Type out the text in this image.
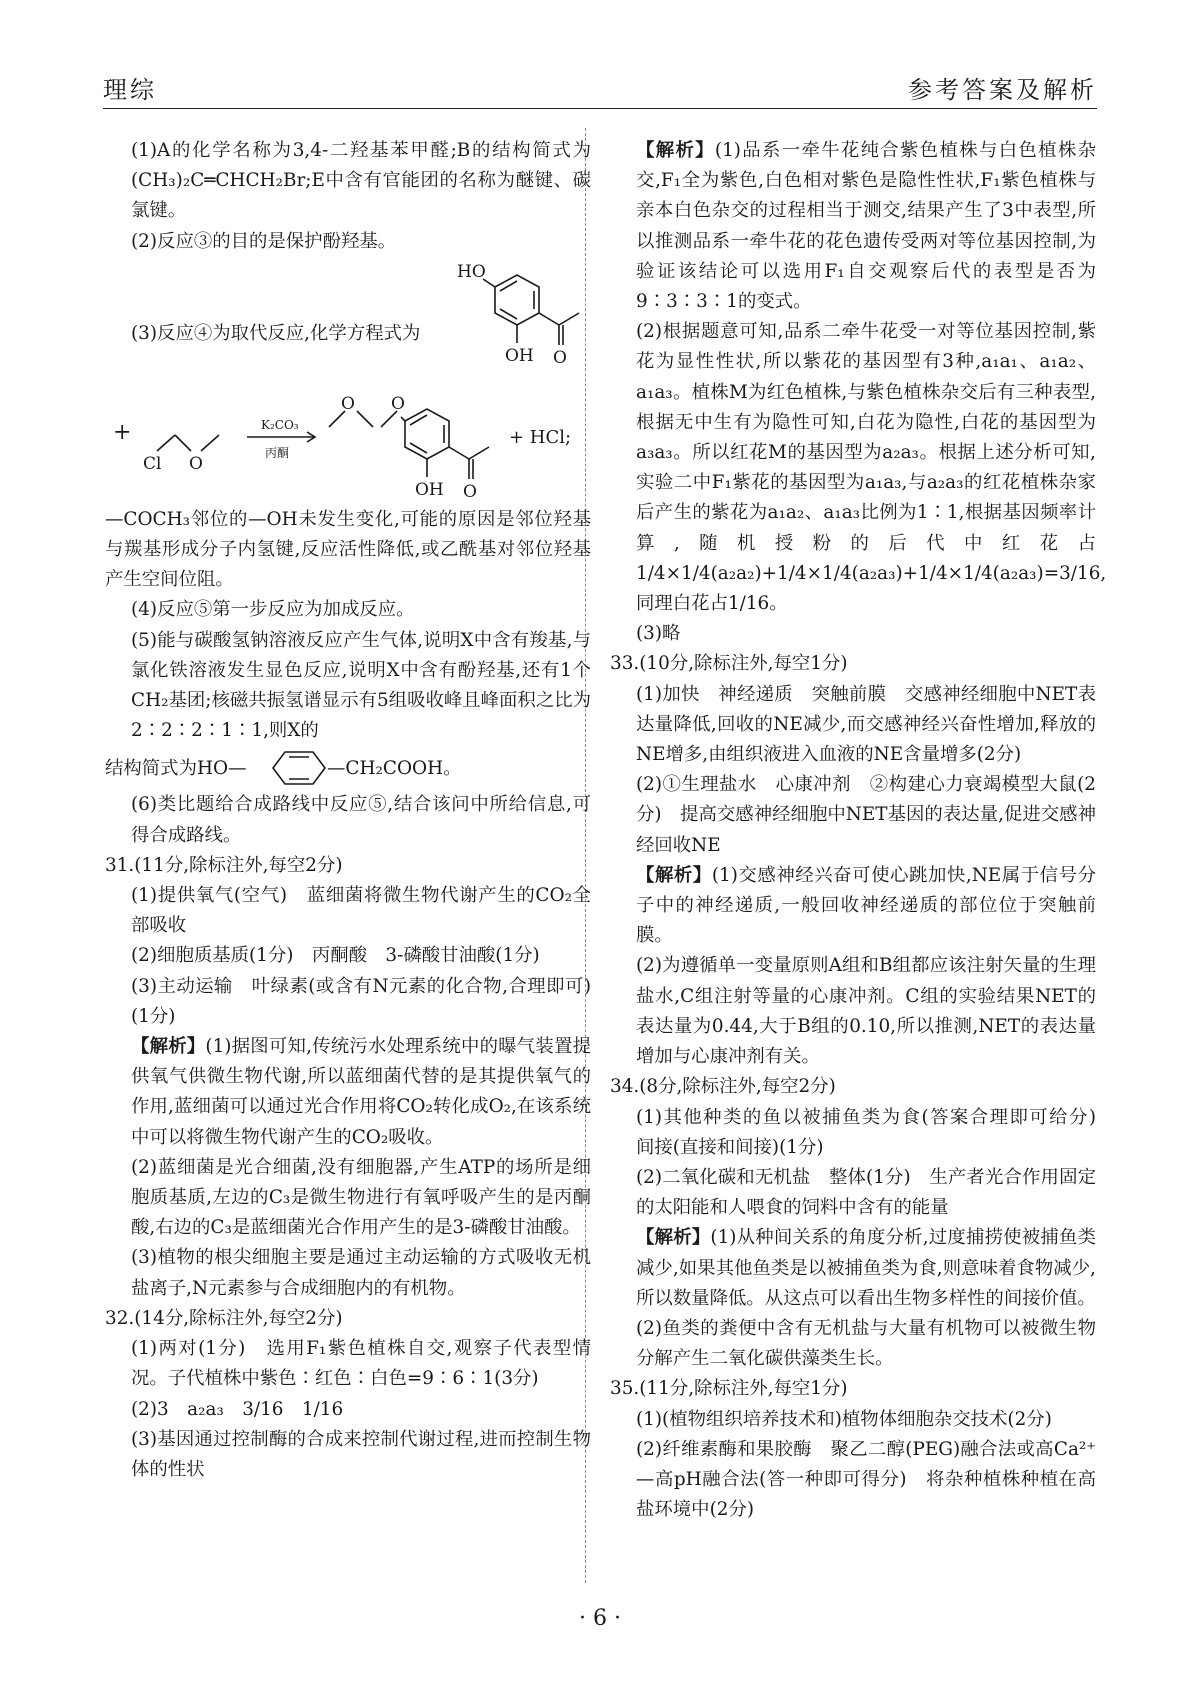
理综	参考答案及解析

(1)A的化学名称为3,4-二羟基苯甲醛;B的结构简式为(CH₃)₂C═CHCH₂Br;E中含有官能团的名称为醚键、碳氯键。

(2)反应③的目的是保护酚羟基。

(3)反应④为取代反应,化学方程式为
HO
OH O
+
Cl O
K₂CO₃
丙酮
O O
OH O
+ HCl;

—COCH₃邻位的—OH未发生变化,可能的原因是邻位羟基与羰基形成分子内氢键,反应活性降低,或乙酰基对邻位羟基产生空间位阻。

(4)反应⑤第一步反应为加成反应。

(5)能与碳酸氢钠溶液反应产生气体,说明X中含有羧基,与氯化铁溶液发生显色反应,说明X中含有酚羟基,还有1个CH₂基团;核磁共振氢谱显示有5组吸收峰且峰面积之比为2∶2∶2∶1∶1,则X的

结构简式为HO—	—CH₂COOH。

(6)类比题给合成路线中反应⑤,结合该问中所给信息,可得合成路线。

31.(11分,除标注外,每空2分)

(1)提供氧气(空气)　蓝细菌将微生物代谢产生的CO₂全部吸收

(2)细胞质基质(1分)　丙酮酸　3-磷酸甘油酸(1分)

(3)主动运输　叶绿素(或含有N元素的化合物,合理即可)(1分)

【解析】(1)据图可知,传统污水处理系统中的曝气装置提供氧气供微生物代谢,所以蓝细菌代替的是其提供氧气的作用,蓝细菌可以通过光合作用将CO₂转化成O₂,在该系统中可以将微生物代谢产生的CO₂吸收。

(2)蓝细菌是光合细菌,没有细胞器,产生ATP的场所是细胞质基质,左边的C₃是微生物进行有氧呼吸产生的是丙酮酸,右边的C₃是蓝细菌光合作用产生的是3-磷酸甘油酸。

(3)植物的根尖细胞主要是通过主动运输的方式吸收无机盐离子,N元素参与合成细胞内的有机物。

32.(14分,除标注外,每空2分)

(1)两对(1分)　选用F₁紫色植株自交,观察子代表型情况。子代植株中紫色∶红色∶白色=9∶6∶1(3分)

(2)3　a₂a₃　3/16　1/16

(3)基因通过控制酶的合成来控制代谢过程,进而控制生物体的性状

【解析】(1)品系一牵牛花纯合紫色植株与白色植株杂交,F₁全为紫色,白色相对紫色是隐性性状,F₁紫色植株与亲本白色杂交的过程相当于测交,结果产生了3中表型,所以推测品系一牵牛花的花色遗传受两对等位基因控制,为验证该结论可以选用F₁自交观察后代的表型是否为9∶3∶3∶1的变式。

(2)根据题意可知,品系二牵牛花受一对等位基因控制,紫花为显性性状,所以紫花的基因型有3种,a₁a₁、a₁a₂、a₁a₃。植株M为红色植株,与紫色植株杂交后有三种表型,根据无中生有为隐性可知,白花为隐性,白花的基因型为a₃a₃。所以红花M的基因型为a₂a₃。根据上述分析可知,实验二中F₁紫花的基因型为a₁a₃,与a₂a₃的红花植株杂家后产生的紫花为a₁a₂、a₁a₃比例为1∶1,根据基因频率计算,随机授粉的后代中红花占1/4×1/4(a₂a₂)+1/4×1/4(a₂a₃)+1/4×1/4(a₂a₃)=3/16,同理白花占1/16。

(3)略

33.(10分,除标注外,每空1分)

(1)加快　神经递质　突触前膜　交感神经细胞中NET表达量降低,回收的NE减少,而交感神经兴奋性增加,释放的NE增多,由组织液进入血液的NE含量增多(2分)

(2)①生理盐水　心康冲剂　②构建心力衰竭模型大鼠(2分)　提高交感神经细胞中NET基因的表达量,促进交感神经回收NE

【解析】(1)交感神经兴奋可使心跳加快,NE属于信号分子中的神经递质,一般回收神经递质的部位位于突触前膜。

(2)为遵循单一变量原则A组和B组都应该注射矢量的生理盐水,C组注射等量的心康冲剂。C组的实验结果NET的表达量为0.44,大于B组的0.10,所以推测,NET的表达量增加与心康冲剂有关。

34.(8分,除标注外,每空2分)

(1)其他种类的鱼以被捕鱼类为食(答案合理即可给分)　间接(直接和间接)(1分)

(2)二氧化碳和无机盐　整体(1分)　生产者光合作用固定的太阳能和人喂食的饲料中含有的能量

【解析】(1)从种间关系的角度分析,过度捕捞使被捕鱼类减少,如果其他鱼类是以被捕鱼类为食,则意味着食物减少,所以数量降低。从这点可以看出生物多样性的间接价值。

(2)鱼类的粪便中含有无机盐与大量有机物可以被微生物分解产生二氧化碳供藻类生长。

35.(11分,除标注外,每空1分)

(1)(植物组织培养技术和)植物体细胞杂交技术(2分)

(2)纤维素酶和果胶酶　聚乙二醇(PEG)融合法或高Ca²⁺—高pH融合法(答一种即可得分)　将杂种植株种植在高盐环境中(2分)

· 6 ·
